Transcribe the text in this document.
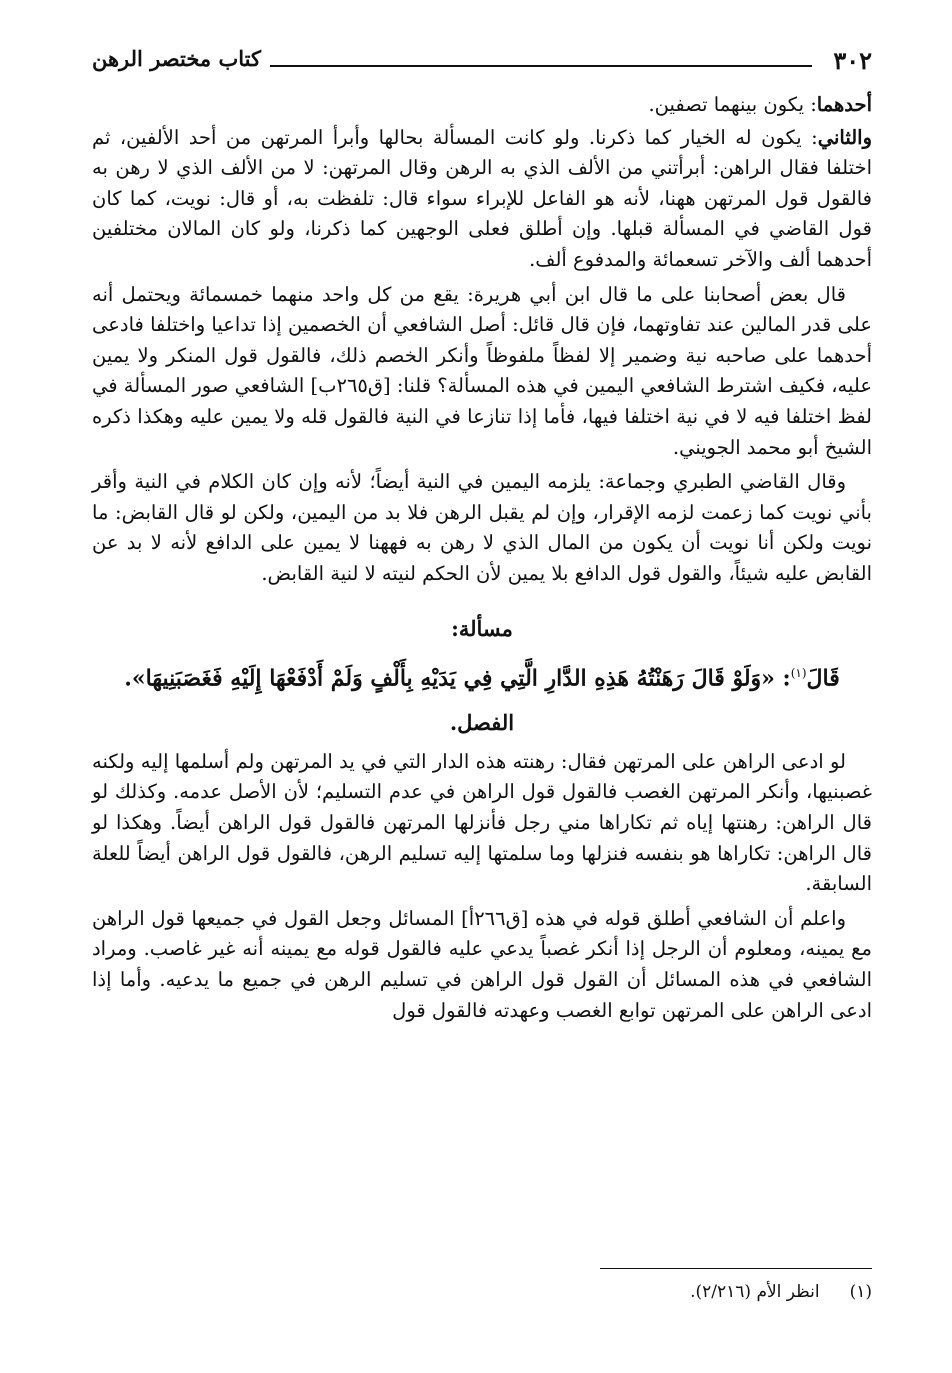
٣٠٢
كتاب مختصر الرهن

أحدهما: يكون بينهما تصفين.

والثاني: يكون له الخيار كما ذكرنا. ولو كانت المسألة بحالها وأبرأ المرتهن من أحد الألفين، ثم اختلفا فقال الراهن: أبرأتني من الألف الذي به الرهن وقال المرتهن: لا من الألف الذي لا رهن به فالقول قول المرتهن ههنا، لأنه هو الفاعل للإبراء سواء قال: تلفظت به، أو قال: نويت، كما كان قول القاضي في المسألة قبلها. وإن أطلق فعلى الوجهين كما ذكرنا، ولو كان المالان مختلفين أحدهما ألف والآخر تسعمائة والمدفوع ألف.

قال بعض أصحابنا على ما قال ابن أبي هريرة: يقع من كل واحد منهما خمسمائة ويحتمل أنه على قدر المالين عند تفاوتهما، فإن قال قائل: أصل الشافعي أن الخصمين إذا تداعيا واختلفا فادعى أحدهما على صاحبه نية وضمير إلا لفظاً ملفوظاً وأنكر الخصم ذلك، فالقول قول المنكر ولا يمين عليه، فكيف اشترط الشافعي اليمين في هذه المسألة؟ قلنا: [ق٢٦٥ب] الشافعي صور المسألة في لفظ اختلفا فيه لا في نية اختلفا فيها، فأما إذا تنازعا في النية فالقول قله ولا يمين عليه وهكذا ذكره الشيخ أبو محمد الجويني.

وقال القاضي الطبري وجماعة: يلزمه اليمين في النية أيضاً؛ لأنه وإن كان الكلام في النية وأقر بأني نويت كما زعمت لزمه الإقرار، وإن لم يقبل الرهن فلا بد من اليمين، ولكن لو قال القابض: ما نويت ولكن أنا نويت أن يكون من المال الذي لا رهن به فههنا لا يمين على الدافع لأنه لا بد عن القابض عليه شيئاً، والقول قول الدافع بلا يمين لأن الحكم لنيته لا لنية القابض.

مسألة:
قَالَ$^{(١)}$: «وَلَوْ قَالَ رَهَنْتُهُ هَذِهِ الدَّارِ الَّتِي فِي يَدَيْهِ بِأَلْفٍ وَلَمْ أَدْفَعْهَا إِلَيْهِ فَغَصَبَنِيهَا».
الفصل.

لو ادعى الراهن على المرتهن فقال: رهنته هذه الدار التي في يد المرتهن ولم أسلمها إليه ولكنه غصبنيها، وأنكر المرتهن الغصب فالقول قول الراهن في عدم التسليم؛ لأن الأصل عدمه. وكذلك لو قال الراهن: رهنتها إياه ثم تكاراها مني رجل فأنزلها المرتهن فالقول قول الراهن أيضاً. وهكذا لو قال الراهن: تكاراها هو بنفسه فنزلها وما سلمتها إليه تسليم الرهن، فالقول قول الراهن أيضاً للعلة السابقة.

واعلم أن الشافعي أطلق قوله في هذه [ق٢٦٦أ] المسائل وجعل القول في جميعها قول الراهن مع يمينه، ومعلوم أن الرجل إذا أنكر غصباً يدعي عليه فالقول قوله مع يمينه أنه غير غاصب. ومراد الشافعي في هذه المسائل أن القول قول الراهن في تسليم الرهن في جميع ما يدعيه. وأما إذا ادعى الراهن على المرتهن توابع الغصب وعهدته فالقول قول

(١)انظر الأم (٢/٢١٦).
